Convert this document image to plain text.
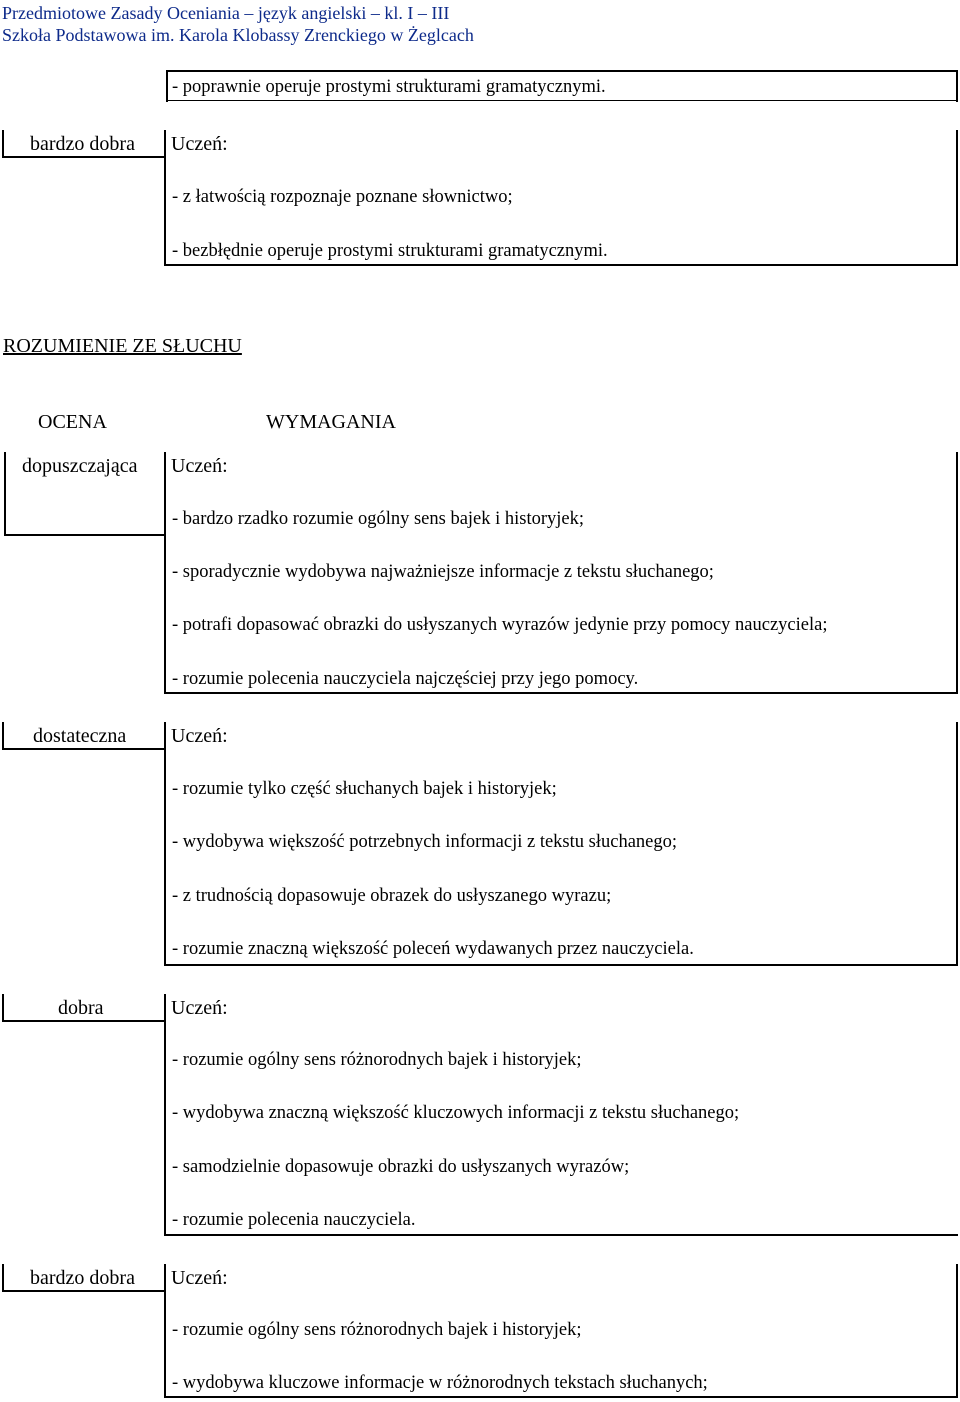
Przedmiotowe Zasady Oceniania – język angielski – kl. I – III
Szkoła Podstawowa im. Karola Klobassy Zrenckiego w Żeglcach
- poprawnie operuje prostymi strukturami gramatycznymi.
bardzo dobra Uczeń:
- z łatwością rozpoznaje poznane słownictwo;
- bezbłędnie operuje prostymi strukturami gramatycznymi.
ROZUMIENIE ZE SŁUCHU
OCENA	WYMAGANIA
dopuszczająca Uczeń:
- bardzo rzadko rozumie ogólny sens bajek i historyjek;
- sporadycznie wydobywa najważniejsze informacje z tekstu słuchanego;
- potrafi dopasować obrazki do usłyszanych wyrazów jedynie przy pomocy nauczyciela;
- rozumie polecenia nauczyciela najczęściej przy jego pomocy.
dostateczna Uczeń:
- rozumie tylko część słuchanych bajek i historyjek;
- wydobywa większość potrzebnych informacji z tekstu słuchanego;
- z trudnością dopasowuje obrazek do usłyszanego wyrazu;
- rozumie znaczną większość poleceń wydawanych przez nauczyciela.
dobra	Uczeń:
- rozumie ogólny sens różnorodnych bajek i historyjek;
- wydobywa znaczną większość kluczowych informacji z tekstu słuchanego;
- samodzielnie dopasowuje obrazki do usłyszanych wyrazów;
- rozumie polecenia nauczyciela.
bardzo dobra Uczeń:
- rozumie ogólny sens różnorodnych bajek i historyjek;
- wydobywa kluczowe informacje w różnorodnych tekstach słuchanych;
